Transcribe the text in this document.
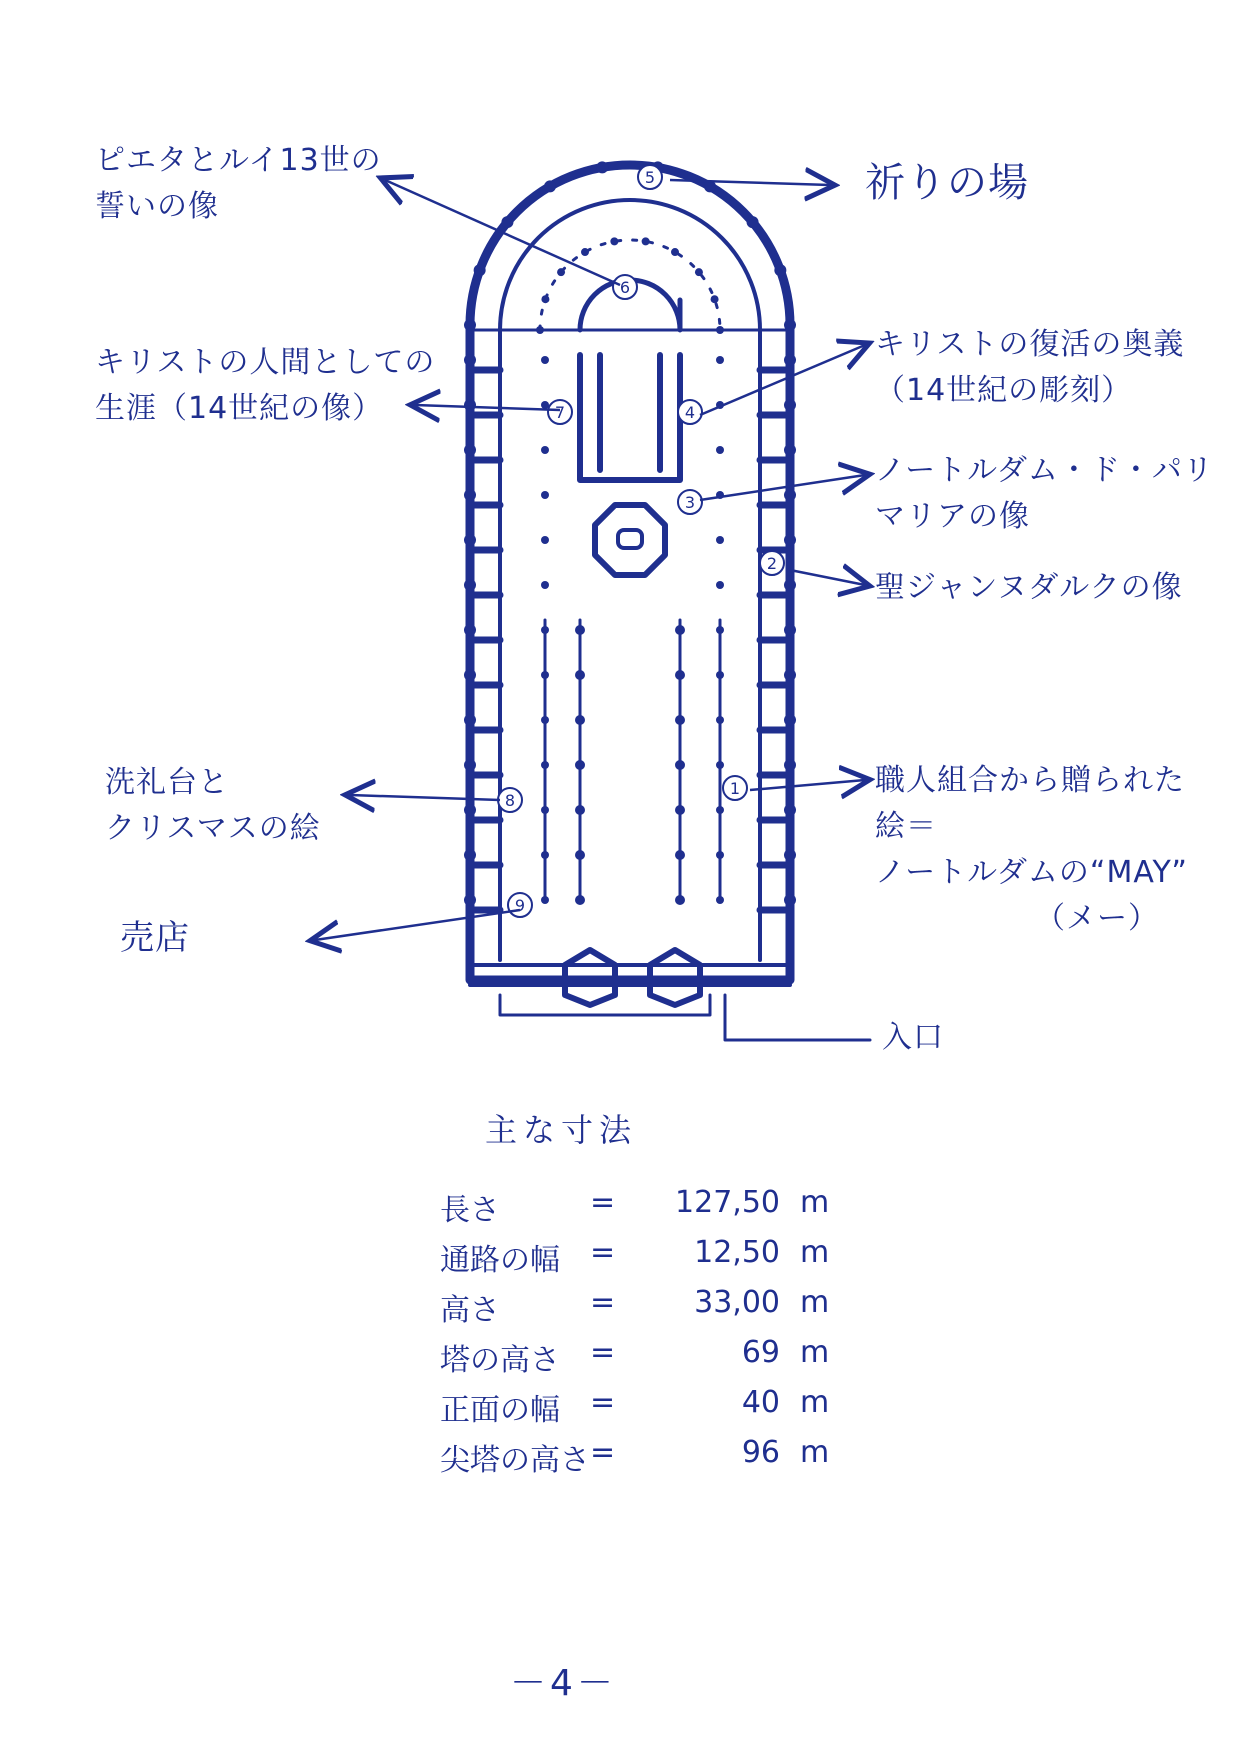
1
2
3
4
5
6
7
8
9
ピエタとルイ13世の
誓いの像
祈りの場
キリストの人間としての
生涯（14世紀の像）
キリストの復活の奥義
（14世紀の彫刻）
ノートルダム・ド・パリ
マリアの像
聖ジャンヌダルクの像
洗礼台と
クリスマスの絵
職人組合から贈られた
絵＝
ノートルダムの“MAY”
（メー）
売店
入口
主な寸法
長さ	=	127,50 m
通路の幅 =	12,50 m
高さ	=	33,00 m
塔の高さ =	69 m
正面の幅 =	40 m
尖塔の高さ =	96 m
－4－
